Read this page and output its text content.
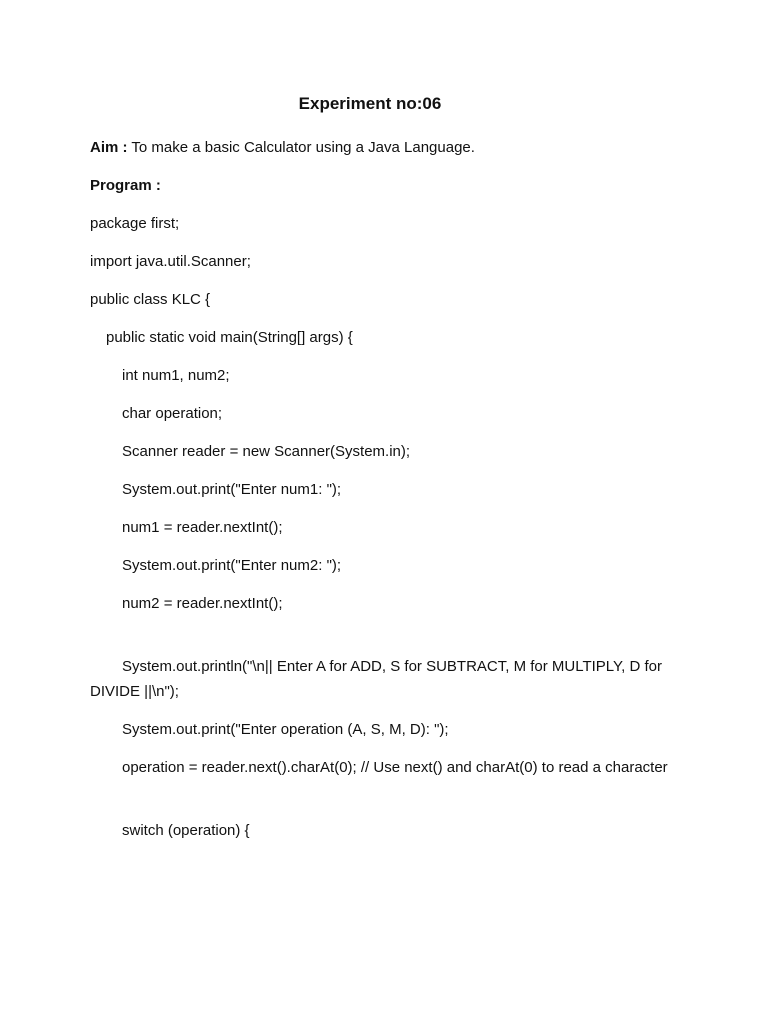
Experiment no:06

Aim : To make a basic Calculator using a Java Language.

Program :

package first;

import java.util.Scanner;

public class KLC {

public static void main(String[] args) {

int num1, num2;

char operation;

Scanner reader = new Scanner(System.in);

System.out.print("Enter num1: ");

num1 = reader.nextInt();

System.out.print("Enter num2: ");

num2 = reader.nextInt();

System.out.println("\n|| Enter A for ADD, S for SUBTRACT, M for MULTIPLY, D for DIVIDE ||\n");

System.out.print("Enter operation (A, S, M, D): ");

operation = reader.next().charAt(0); // Use next() and charAt(0) to read a character

switch (operation) {
